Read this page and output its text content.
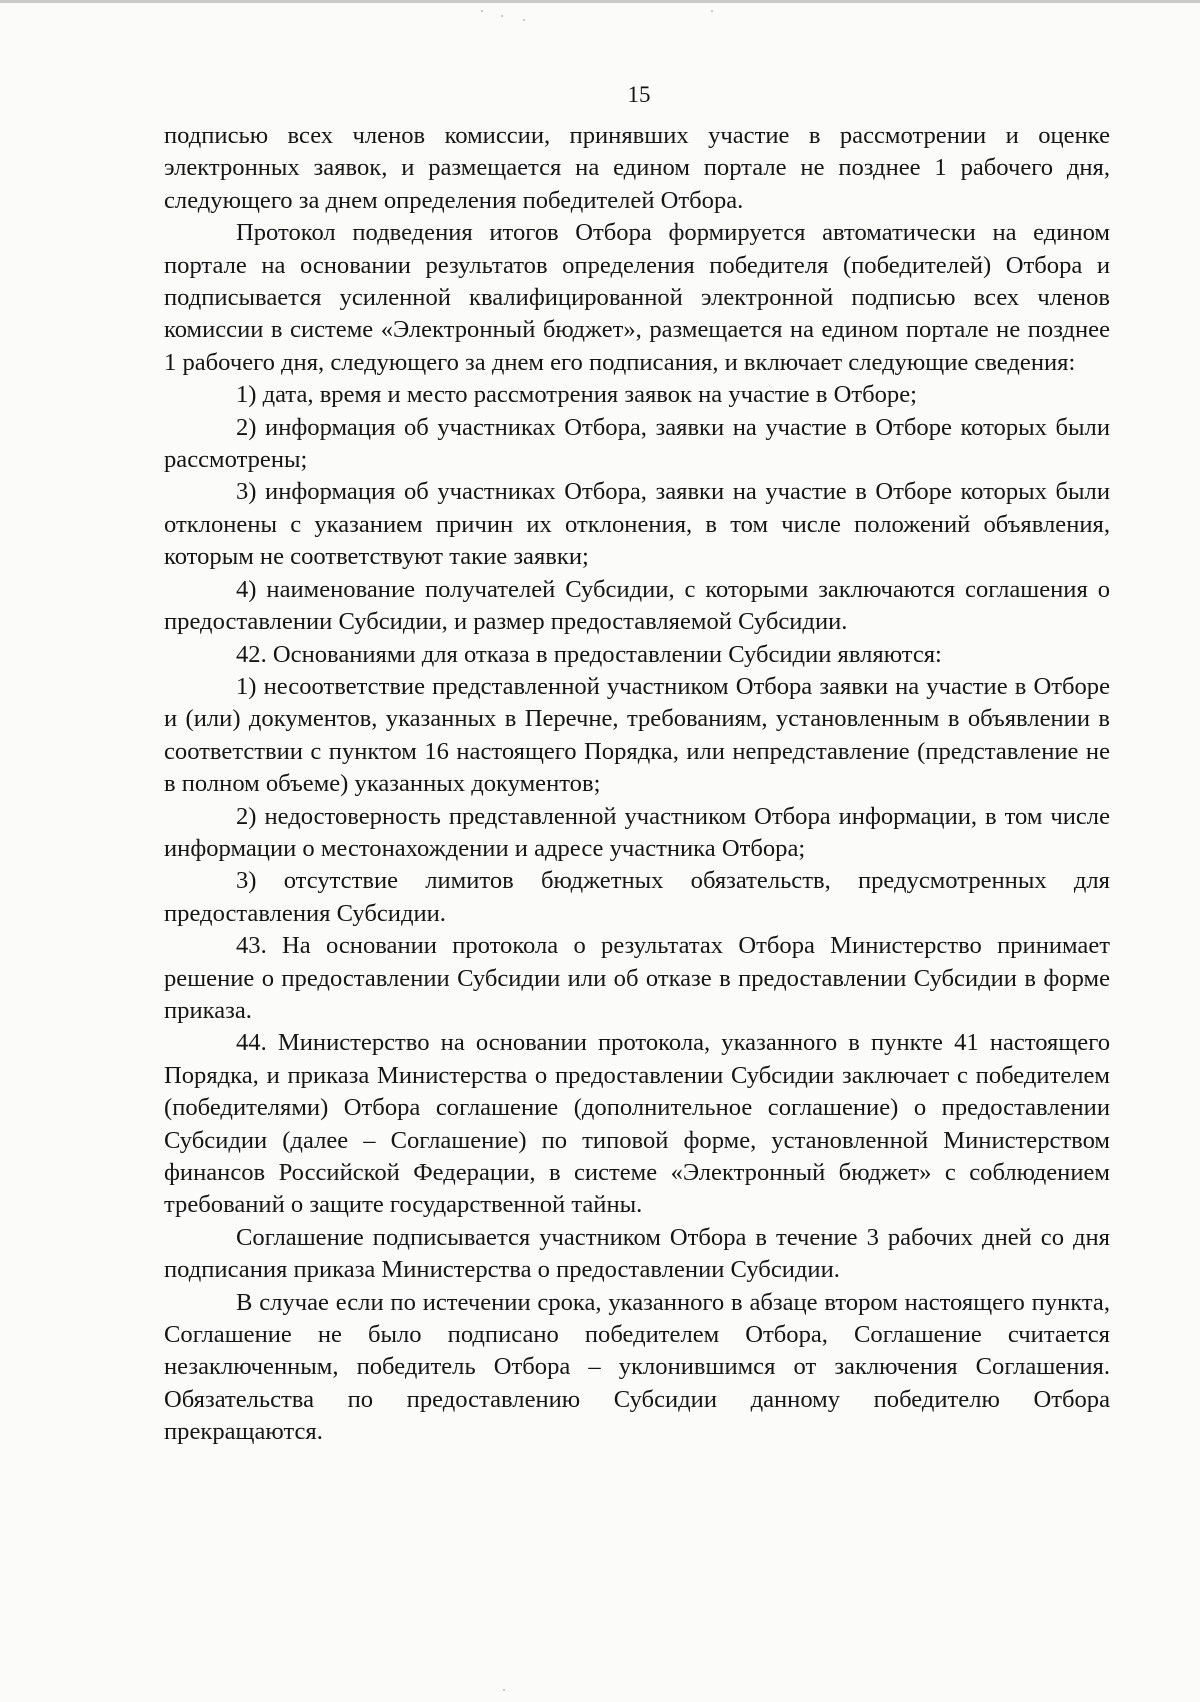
15

подписью всех членов комиссии, принявших участие в рассмотрении и оценке электронных заявок, и размещается на едином портале не позднее 1 рабочего дня, следующего за днем определения победителей Отбора.

Протокол подведения итогов Отбора формируется автоматически на едином портале на основании результатов определения победителя (победителей) Отбора и подписывается усиленной квалифицированной электронной подписью всех членов комиссии в системе «Электронный бюджет», размещается на едином портале не позднее 1 рабочего дня, следующего за днем его подписания, и включает следующие сведения:

1) дата, время и место рассмотрения заявок на участие в Отборе;

2) информация об участниках Отбора, заявки на участие в Отборе которых были рассмотрены;

3) информация об участниках Отбора, заявки на участие в Отборе которых были отклонены с указанием причин их отклонения, в том числе положений объявления, которым не соответствуют такие заявки;

4) наименование получателей Субсидии, с которыми заключаются соглашения о предоставлении Субсидии, и размер предоставляемой Субсидии.

42. Основаниями для отказа в предоставлении Субсидии являются:

1) несоответствие представленной участником Отбора заявки на участие в Отборе и (или) документов, указанных в Перечне, требованиям, установленным в объявлении в соответствии с пунктом 16 настоящего Порядка, или непредставление (представление не в полном объеме) указанных документов;

2) недостоверность представленной участником Отбора информации, в том числе информации о местонахождении и адресе участника Отбора;

3) отсутствие лимитов бюджетных обязательств, предусмотренных для предоставления Субсидии.

43. На основании протокола о результатах Отбора Министерство принимает решение о предоставлении Субсидии или об отказе в предоставлении Субсидии в форме приказа.

44. Министерство на основании протокола, указанного в пункте 41 настоящего Порядка, и приказа Министерства о предоставлении Субсидии заключает с победителем (победителями) Отбора соглашение (дополнительное соглашение) о предоставлении Субсидии (далее – Соглашение) по типовой форме, установленной Министерством финансов Российской Федерации, в системе «Электронный бюджет» с соблюдением требований о защите государственной тайны.

Соглашение подписывается участником Отбора в течение 3 рабочих дней со дня подписания приказа Министерства о предоставлении Субсидии.

В случае если по истечении срока, указанного в абзаце втором настоящего пункта, Соглашение не было подписано победителем Отбора, Соглашение считается незаключенным, победитель Отбора – уклонившимся от заключения Соглашения. Обязательства по предоставлению Субсидии данному победителю Отбора прекращаются.
